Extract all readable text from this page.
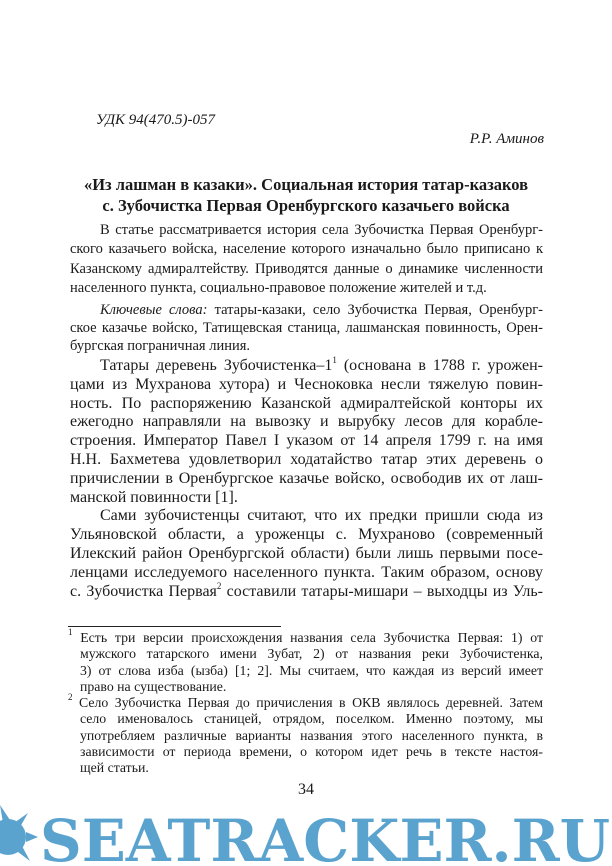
УДК 94(470.5)-057
Р.Р. Аминов
«Из лашман в казаки». Социальная история татар-казаков
с. Зубочистка Первая Оренбургского казачьего войска
В статье рассматривается история села Зубочистка Первая Оренбург-
ского казачьего войска, население которого изначально было приписано к
Казанскому адмиралтейству. Приводятся данные о динамике численности
населенного пункта, социально-правовое положение жителей и т.д.
Ключевые слова: татары-казаки, село Зубочистка Первая, Оренбург-
ское казачье войско, Татищевская станица, лашманская повинность, Орен-
бургская пограничная линия.
Татары деревень Зубочистенка–$1^1$ (основана в 1788 г. урожен-
цами из Мухранова хутора) и Чесноковка несли тяжелую повин-
ность. По распоряжению Казанской адмиралтейской конторы их
ежегодно направляли на вывозку и вырубку лесов для корабле-
строения. Император Павел I указом от 14 апреля 1799 г. на имя
Н.Н. Бахметева удовлетворил ходатайство татар этих деревень о
причислении в Оренбургское казачье войско, освободив их от лаш-
манской повинности [1].
Сами зубочистенцы считают, что их предки пришли сюда из
Ульяновской области, а уроженцы с. Мухраново (современный
Илекский район Оренбургской области) были лишь первыми посе-
ленцами исследуемого населенного пункта. Таким образом, основу
с. Зубочистка Первая$^2$ составили татары-мишари – выходцы из Уль-
$^1$ Есть три версии происхождения названия села Зубочистка Первая: 1) от
мужского татарского имени Зубат, 2) от названия реки Зубочистенка,
3) от слова изба (ызба) [1; 2]. Мы считаем, что каждая из версий имеет
право на существование.
$^2$ Село Зубочистка Первая до причисления в ОКВ являлось деревней. Затем
село именовалось станицей, отрядом, поселком. Именно поэтому, мы
употребляем различные варианты названия этого населенного пункта, в
зависимости от периода времени, о котором идет речь в тексте настоя-
щей статьи.
34
SEATRACKER.RU
